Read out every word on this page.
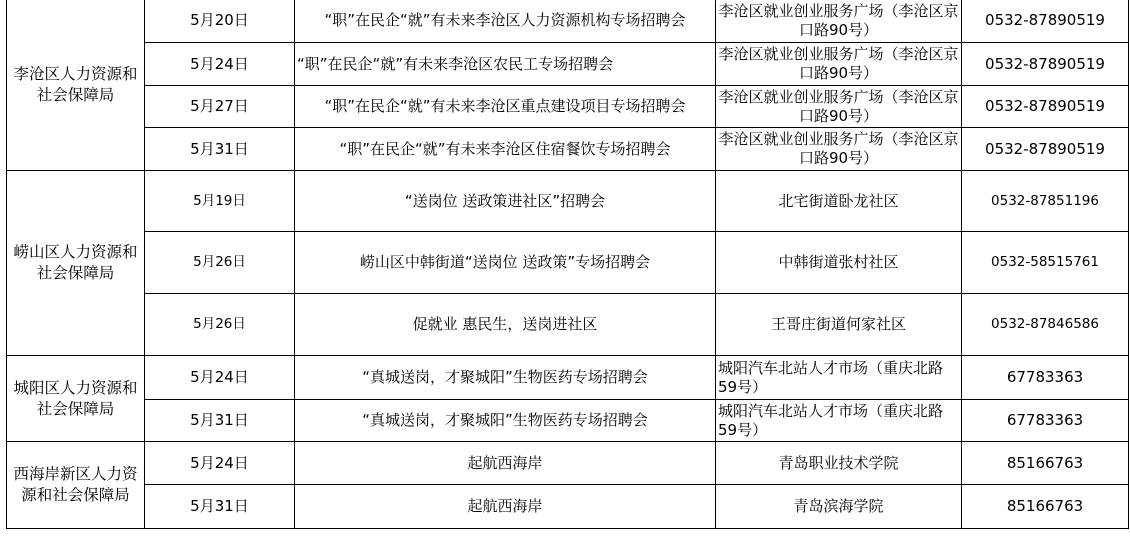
李沧区人力资源和社会保障局	5月20日	“职”在民企“就”有未来李沧区人力资源机构专场招聘会	李沧区就业创业服务广场（李沧区京口路90号）	0532-87890519
	5月24日	“职”在民企“就”有未来李沧区农民工专场招聘会	李沧区就业创业服务广场（李沧区京口路90号）	0532-87890519
	5月27日	“职”在民企“就”有未来李沧区重点建设项目专场招聘会	李沧区就业创业服务广场（李沧区京口路90号）	0532-87890519
	5月31日	“职”在民企“就”有未来李沧区住宿餐饮专场招聘会	李沧区就业创业服务广场（李沧区京口路90号）	0532-87890519
崂山区人力资源和社会保障局	5月19日	“送岗位 送政策进社区”招聘会	北宅街道卧龙社区	0532-87851196
	5月26日	崂山区中韩街道“送岗位 送政策”专场招聘会	中韩街道张村社区	0532-58515761
	5月26日	促就业 惠民生，送岗进社区	王哥庄街道何家社区	0532-87846586
城阳区人力资源和社会保障局	5月24日	“真城送岗，才聚城阳”生物医药专场招聘会	城阳汽车北站人才市场（重庆北路59号）	67783363
	5月31日	“真城送岗，才聚城阳”生物医药专场招聘会	城阳汽车北站人才市场（重庆北路59号）	67783363
西海岸新区人力资源和社会保障局	5月24日	起航西海岸	青岛职业技术学院	85166763
	5月31日	起航西海岸	青岛滨海学院	85166763
